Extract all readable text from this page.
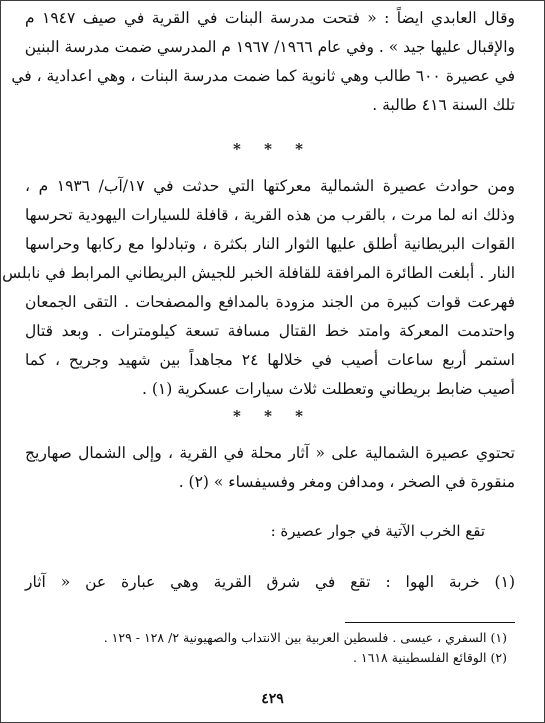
وقال العابدي ايضاً : « فتحت مدرسة البنات في القرية في صيف ١٩٤٧ م
والإقبال عليها جيد » . وفي عام ١٩٦٦/ ١٩٦٧ م المدرسي ضمت مدرسة البنين
في عصيرة ٦٠٠ طالب وهي ثانوية كما ضمت مدرسة البنات ، وهي اعدادية ، في
تلك السنة ٤١٦ طالبة .
* * *
ومن حوادث عصيرة الشمالية معركتها التي حدثت في ١٧/آب/ ١٩٣٦ م ،
وذلك انه لما مرت ، بالقرب من هذه القرية ، قافلة للسيارات اليهودية تحرسها
القوات البريطانية أطلق عليها الثوار النار بكثرة ، وتبادلوا مع ركابها وحراسها
النار . أبلغت الطائرة المرافقة للقافلة الخبر للجيش البريطاني المرابط في نابلس
فهرعت قوات كبيرة من الجند مزودة بالمدافع والمصفحات . التقى الجمعان
واحتدمت المعركة وامتد خط القتال مسافة تسعة كيلومترات . وبعد قتال
استمر أربع ساعات أصيب في خلالها ٢٤ مجاهداً بين شهيد وجريح ، كما
أصيب ضابط بريطاني وتعطلت ثلاث سيارات عسكرية (١) .
* * *
تحتوي عصيرة الشمالية على « آثار محلة في القرية ، وإلى الشمال صهاريج
منقورة في الصخر ، ومدافن ومغر وفسيفساء » (٢) .
تقع الخرب الآتية في جوار عصيرة :
(١) خربة الهوا : تقع في شرق القرية وهي عبارة عن « آثار
(١) السفري ، عيسى . فلسطين العربية بين الانتداب والصهيونية ٢/ ١٢٨ - ١٢٩ .
(٢) الوقائع الفلسطينية ١٦١٨ .
٤٢٩
